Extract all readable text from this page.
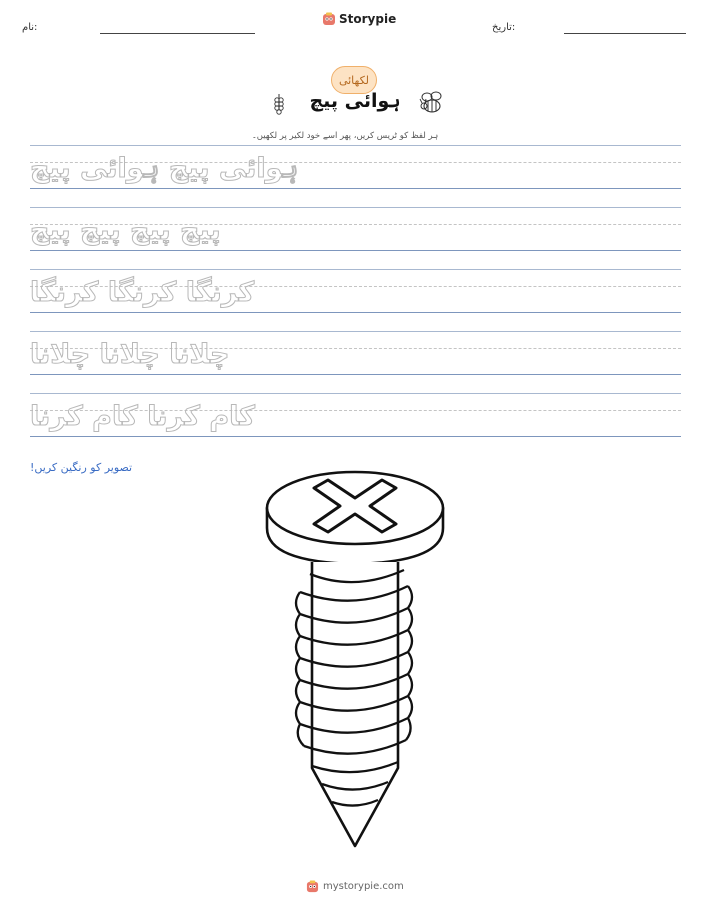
نام:
Storypie
تاریخ:
لکھائی
ہوائی پیچ
ہر لفظ کو ٹریس کریں، پھر اسے خود لکیر پر لکھیں۔
ہوائی پیچ ہوائی پیچ
پیچ پیچ پیچ پیچ
کرنگا کرنگا کرنگا
چلانا چلانا چلانا
کام کرنا کام کرنا
تصویر کو رنگین کریں!
mystorypie.com
